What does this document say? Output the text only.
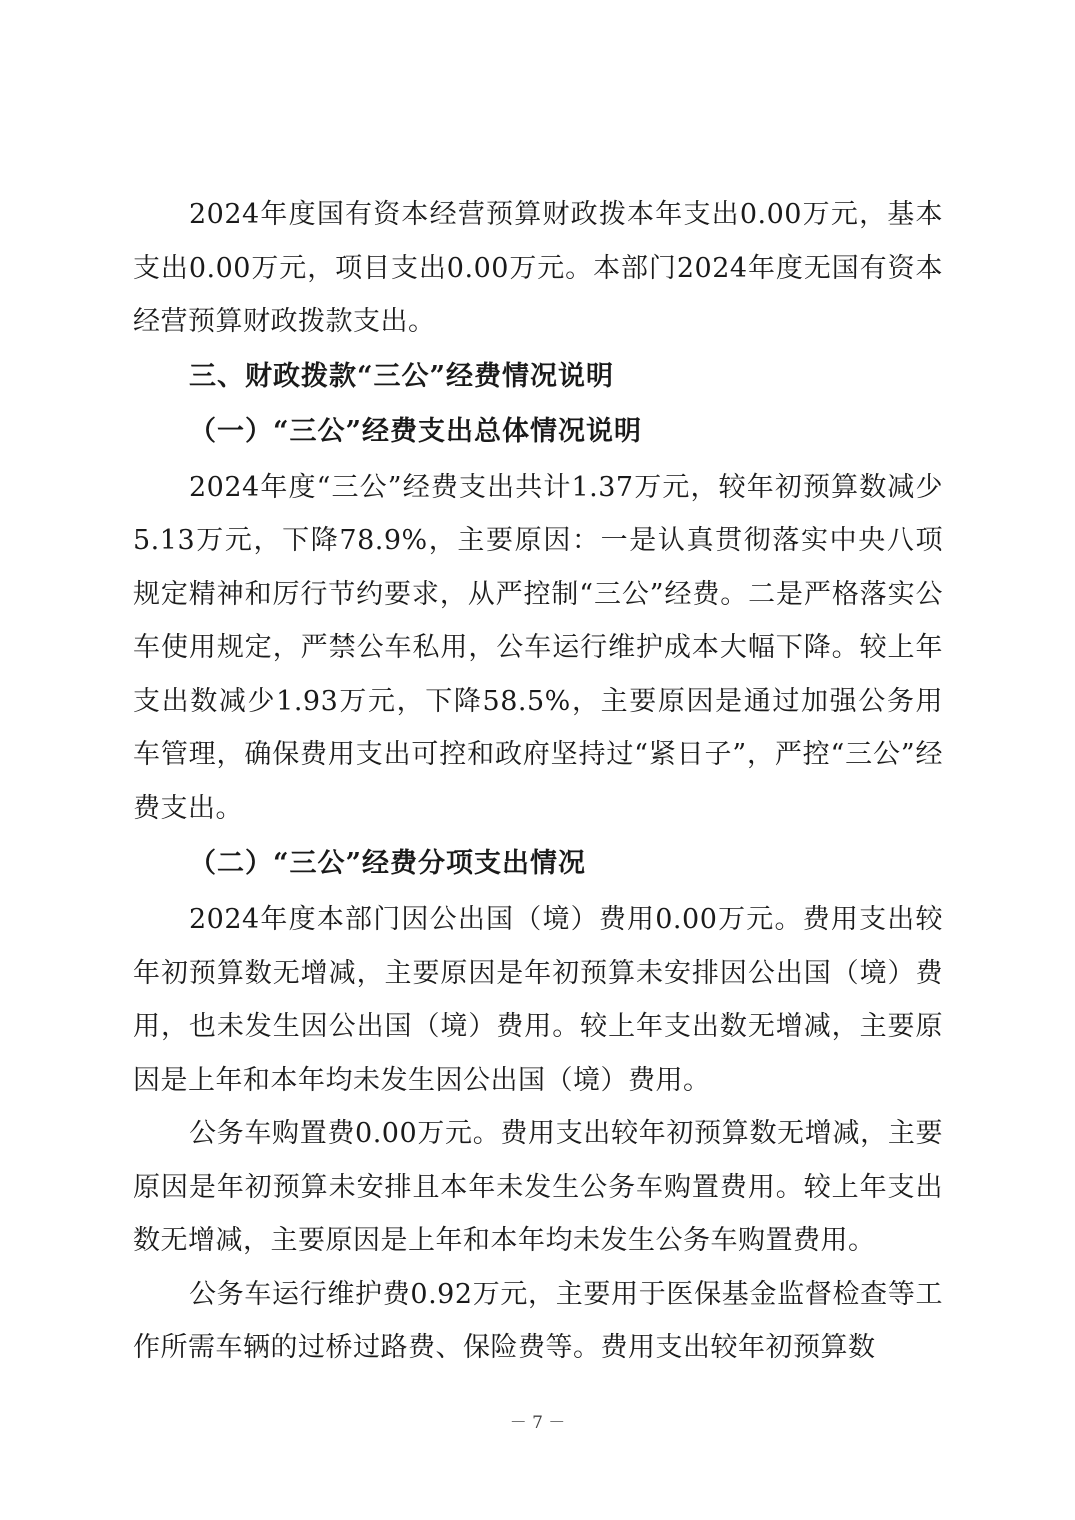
2024年度国有资本经营预算财政拨本年支出0.00万元，基本支出0.00万元，项目支出0.00万元。本部门2024年度无国有资本经营预算财政拨款支出。

三、财政拨款“三公”经费情况说明
（一）“三公”经费支出总体情况说明

2024年度“三公”经费支出共计1.37万元，较年初预算数减少5.13万元，下降78.9%，主要原因：一是认真贯彻落实中央八项规定精神和厉行节约要求，从严控制“三公”经费。二是严格落实公车使用规定，严禁公车私用，公车运行维护成本大幅下降。较上年支出数减少1.93万元，下降58.5%，主要原因是通过加强公务用车管理，确保费用支出可控和政府坚持过“紧日子”，严控“三公”经费支出。

（二）“三公”经费分项支出情况

2024年度本部门因公出国（境）费用0.00万元。费用支出较年初预算数无增减，主要原因是年初预算未安排因公出国（境）费用，也未发生因公出国（境）费用。较上年支出数无增减，主要原因是上年和本年均未发生因公出国（境）费用。

公务车购置费0.00万元。费用支出较年初预算数无增减，主要原因是年初预算未安排且本年未发生公务车购置费用。较上年支出数无增减，主要原因是上年和本年均未发生公务车购置费用。

公务车运行维护费0.92万元，主要用于医保基金监督检查等工作所需车辆的过桥过路费、保险费等。费用支出较年初预算数

－ 7 －
